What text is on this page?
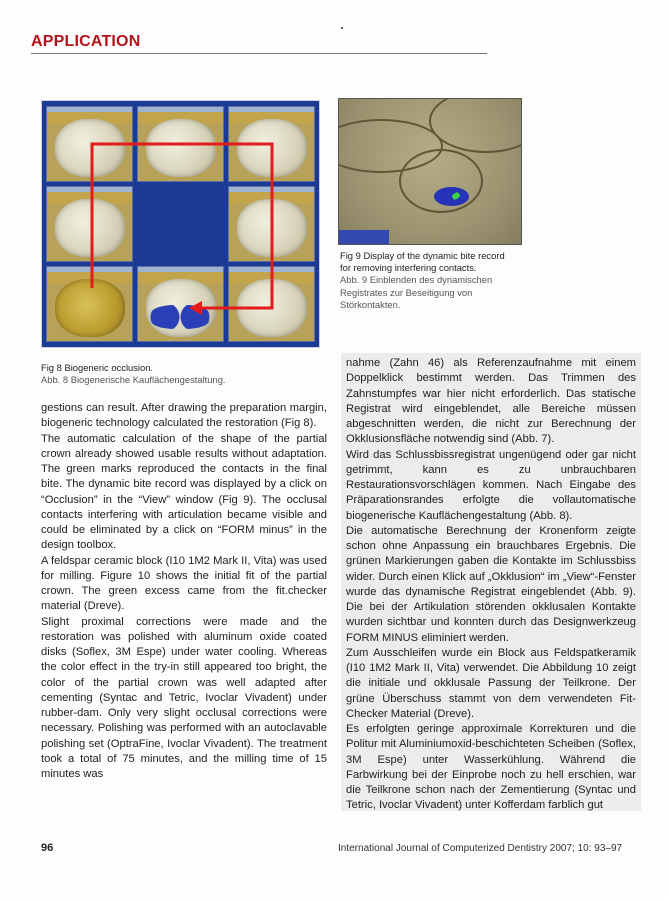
APPLICATION
Fig 9 Display of the dynamic bite record for removing interfering contacts.
Abb. 9 Einblenden des dynamischen Registrates zur Beseitigung von Störkontakten.
Fig 8 Biogeneric occlusion.
Abb. 8 Biogenerische Kauflächengestaltung.

gestions can result. After drawing the preparation margin, biogeneric technology calculated the restoration (Fig 8).

The automatic calculation of the shape of the partial crown already showed usable results without adaptation. The green marks reproduced the contacts in the final bite. The dynamic bite record was displayed by a click on “Occlusion” in the “View” window (Fig 9). The occlusal contacts interfering with articulation became visible and could be eliminated by a click on “FORM minus” in the design toolbox.

A feldspar ceramic block (I10 1M2 Mark II, Vita) was used for milling. Figure 10 shows the initial fit of the partial crown. The green excess came from the fit.checker material (Dreve).

Slight proximal corrections were made and the restoration was polished with aluminum oxide coated disks (Soflex, 3M Espe) under water cooling. Whereas the color effect in the try-in still appeared too bright, the color of the partial crown was well adapted after cementing (Syntac and Tetric, Ivoclar Vivadent) under rubber-dam. Only very slight occlusal corrections were necessary. Polishing was performed with an autoclavable polishing set (OptraFine, Ivoclar Vivadent). The treatment took a total of 75 minutes, and the milling time of 15 minutes was

nahme (Zahn 46) als Referenzaufnahme mit einem Doppelklick bestimmt werden. Das Trimmen des Zahnstumpfes war hier nicht erforderlich. Das statische Registrat wird eingeblendet, alle Bereiche müssen abgeschnitten werden, die nicht zur Berechnung der Okklusionsfläche notwendig sind (Abb. 7).

Wird das Schlussbissregistrat ungenügend oder gar nicht getrimmt, kann es zu unbrauchbaren Restaurationsvorschlägen kommen. Nach Eingabe des Präparationsrandes erfolgte die vollautomatische biogenerische Kauflächengestaltung (Abb. 8).

Die automatische Berechnung der Kronenform zeigte schon ohne Anpassung ein brauchbares Ergebnis. Die grünen Markierungen gaben die Kontakte im Schlussbiss wider. Durch einen Klick auf „Okklusion“ im „View“-Fenster wurde das dynamische Registrat eingeblendet (Abb. 9). Die bei der Artikulation störenden okklusalen Kontakte wurden sichtbar und konnten durch das Designwerkzeug FORM MINUS eliminiert werden.

Zum Ausschleifen wurde ein Block aus Feldspatkeramik (I10 1M2 Mark II, Vita) verwendet. Die Abbildung 10 zeigt die initiale und okklusale Passung der Teilkrone. Der grüne Überschuss stammt von dem verwendeten Fit-Checker Material (Dreve).

Es erfolgten geringe approximale Korrekturen und die Politur mit Aluminiumoxid-beschichteten Scheiben (Soflex, 3M Espe) unter Wasserkühlung. Während die Farbwirkung bei der Einprobe noch zu hell erschien, war die Teilkrone schon nach der Zementierung (Syntac und Tetric, Ivoclar Vivadent) unter Kofferdam farblich gut

96	International Journal of Computerized Dentistry 2007; 10: 93–97
